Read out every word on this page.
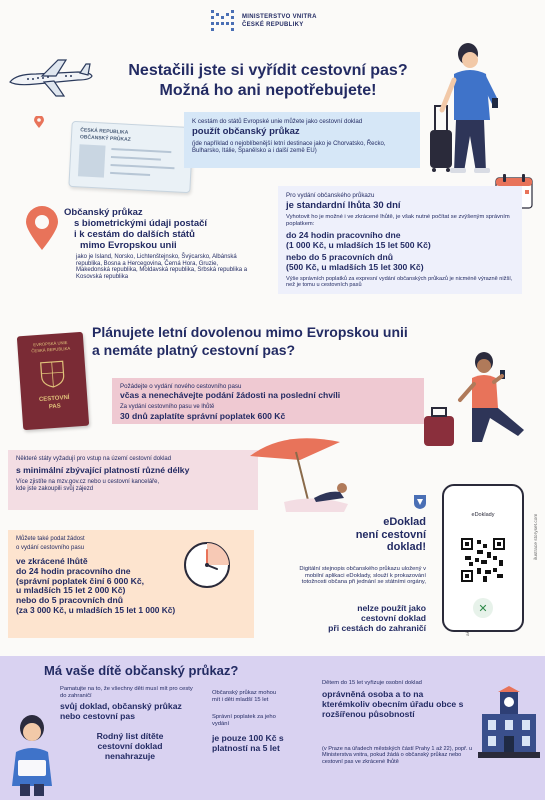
MINISTERSTVO VNITRA
ČESKÉ REPUBLIKY
Nestačili jste si vyřídit cestovní pas?
Možná ho ani nepotřebujete!
ČESKÁ REPUBLIKA
OBČANSKÝ PRŮKAZ
K cestám do států Evropské unie můžete jako cestovní doklad
použít občanský průkaz
(jde například o nejoblíbenější letní destinace jako je Chorvatsko, Řecko, Bulharsko, Itálie, Španělsko a i další země EU)
Občanský průkaz
s biometrickými údaji postačí
i k cestám do dalších států
mimo Evropskou unii
jako je Island, Norsko, Lichtenštejnsko, Švýcarsko, Albánská republika, Bosna a Hercegovina, Černá Hora, Gruzie, Makedonská republika, Moldavská republika, Srbská republika a Kosovská republika
Pro vydání občanského průkazu
je standardní lhůta 30 dní
Vyhotovit ho je možné i ve zkrácené lhůtě, je však nutné počítat se zvýšeným správním poplatkem:
do 24 hodin pracovního dne
(1 000 Kč, u mladších 15 let 500 Kč)
nebo do 5 pracovních dnů
(500 Kč, u mladších 15 let 300 Kč)
Výše správních poplatků za expresní vydání občanských průkazů je nicméně výrazně nižší, než je tomu u cestovních pasů
Plánujete letní dovolenou mimo Evropskou unii
a nemáte platný cestovní pas?
EVROPSKÁ UNIE
ČESKÁ REPUBLIKA
CESTOVNÍ
PAS
Požádejte o vydání nového cestovního pasu
včas a nenechávejte podání žádosti na poslední chvíli
Za vydání cestovního pasu ve lhůtě
30 dnů zaplatíte správní poplatek 600 Kč
Některé státy vyžadují pro vstup na území cestovní doklad
s minimální zbývající platností různé délky
Více zjistíte na mzv.gov.cz nebo u cestovní kanceláře,
kde jste zakoupili svůj zájezd
Můžete také podat žádost
o vydání cestovního pasu
ve zkrácené lhůtě
do 24 hodin pracovního dne
(správní poplatek činí 6 000 Kč,
u mladších 15 let 2 000 Kč)
nebo do 5 pracovních dnů
(za 3 000 Kč, u mladších 15 let 1 000 Kč)
eDoklad
není cestovní
doklad!
Digitální stejnopis občanského průkazu uložený v mobilní aplikaci eDoklady, slouží k prokazování totožnosti občana při jednání se státními orgány,
nelze použít jako
cestovní doklad
při cestách do zahraničí
ilustrace storyset.com
eDoklady
✕
Má vaše dítě občanský průkaz?
Pamatujte na to, že všechny děti musí mít pro cesty do zahraničí
svůj doklad, občanský průkaz nebo cestovní pas
Rodný list dítěte
cestovní doklad
nenahrazuje
Občanský průkaz mohou mít i děti mladší 15 let
Správní poplatek za jeho vydání
je pouze 100 Kč s platností na 5 let
Dětem do 15 let vyřizuje osobní doklad
oprávněná osoba a to na kterémkoliv obecním úřadu obce s rozšířenou působností
(v Praze na úřadech městských částí Prahy 1 až 22), popř. u Ministerstva vnitra, pokud žádá o občanský průkaz nebo cestovní pas ve zkrácené lhůtě
